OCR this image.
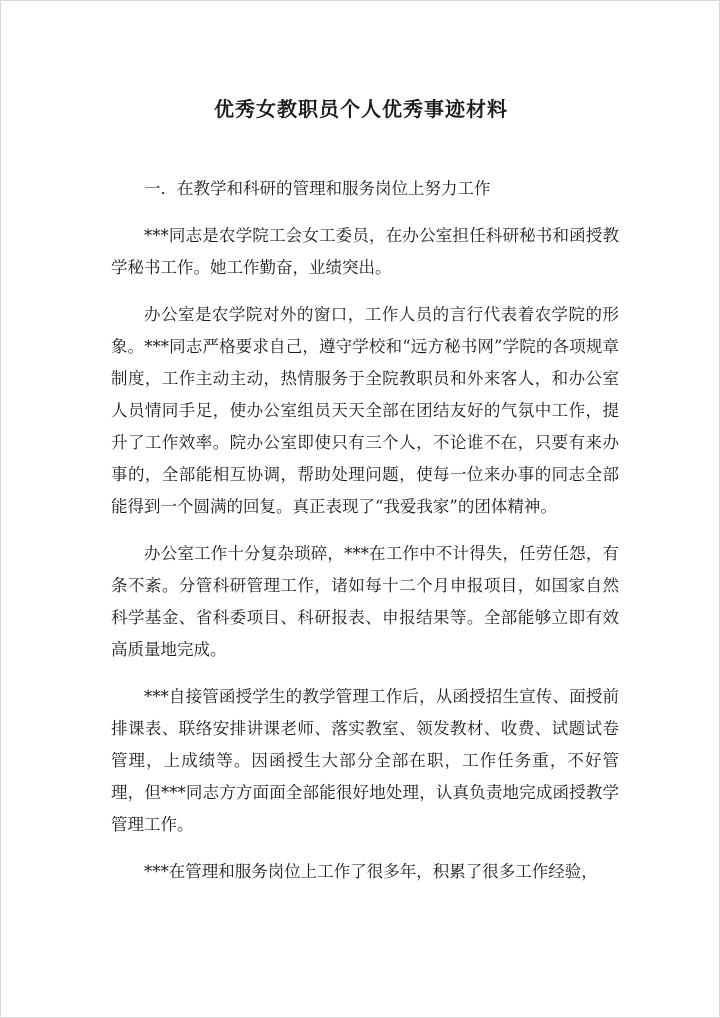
优秀女教职员个人优秀事迹材料

一．在教学和科研的管理和服务岗位上努力工作

***同志是农学院工会女工委员，在办公室担任科研秘书和函授教学秘书工作。她工作勤奋，业绩突出。

办公室是农学院对外的窗口，工作人员的言行代表着农学院的形象。***同志严格要求自己，遵守学校和“远方秘书网”学院的各项规章制度，工作主动主动，热情服务于全院教职员和外来客人，和办公室人员情同手足，使办公室组员天天全部在团结友好的气氛中工作，提升了工作效率。院办公室即使只有三个人，不论谁不在，只要有来办事的，全部能相互协调，帮助处理问题，使每一位来办事的同志全部能得到一个圆满的回复。真正表现了“我爱我家”的团体精神。

办公室工作十分复杂琐碎，***在工作中不计得失，任劳任怨，有条不紊。分管科研管理工作，诸如每十二个月申报项目，如国家自然科学基金、省科委项目、科研报表、申报结果等。全部能够立即有效高质量地完成。

***自接管函授学生的教学管理工作后，从函授招生宣传、面授前排课表、联络安排讲课老师、落实教室、领发教材、收费、试题试卷管理，上成绩等。因函授生大部分全部在职，工作任务重，不好管理，但***同志方方面面全部能很好地处理，认真负责地完成函授教学管理工作。

***在管理和服务岗位上工作了很多年，积累了很多工作经验，
